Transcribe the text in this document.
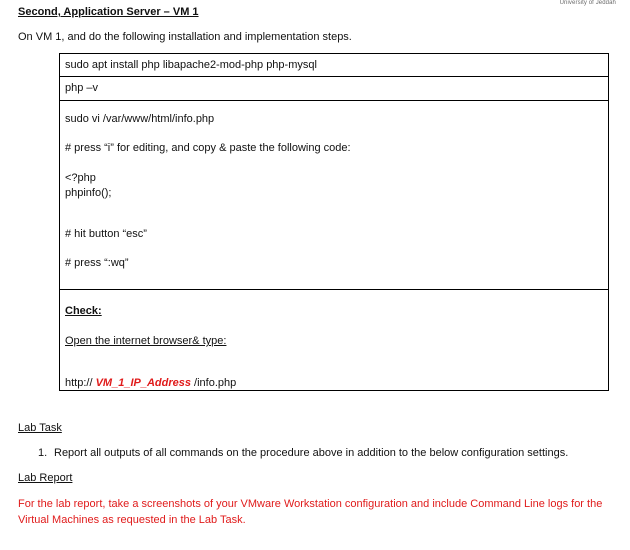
University of Jeddah
Second, Application Server – VM 1
On VM 1, and do the following installation and implementation steps.
sudo apt install php libapache2-mod-php php-mysql
php –v
sudo vi /var/www/html/info.php
# press “i” for editing, and copy & paste the following code:
<?php
phpinfo();
# hit button “esc”
# press “:wq”
Check:
Open the internet browser& type:
http:// VM_1_IP_Address /info.php
Lab Task
1. Report all outputs of all commands on the procedure above in addition to the below configuration settings.
Lab Report
For the lab report, take a screenshots of your VMware Workstation configuration and include Command Line logs for the Virtual Machines as requested in the Lab Task.
